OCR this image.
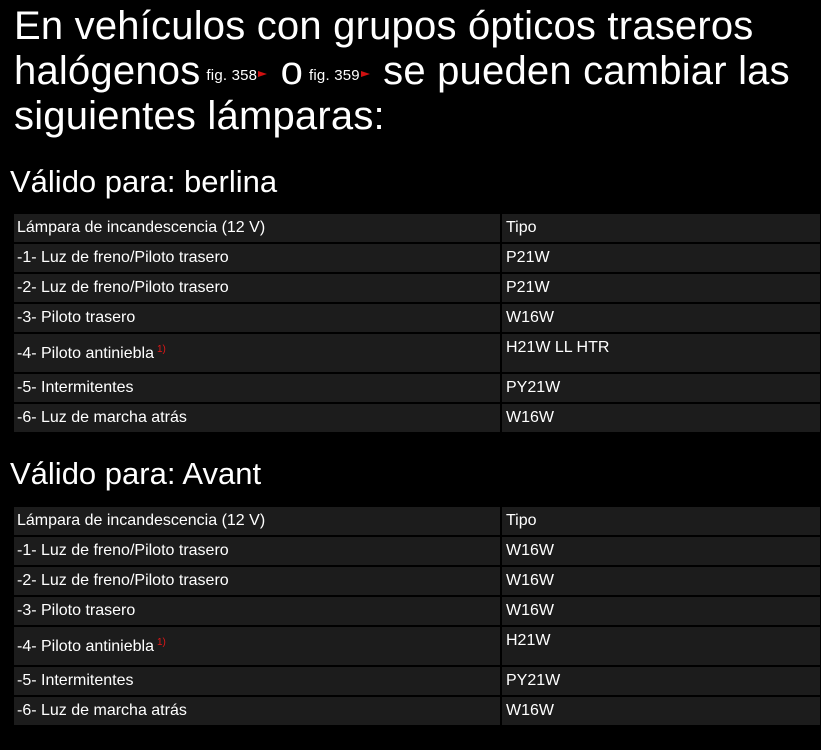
En vehículos con grupos ópticos traseros halógenos fig. 358 o fig. 359 se pueden cambiar las siguientes lámparas:
Válido para: berlina
Lámpara de incandescencia (12 V)	Tipo
-1- Luz de freno/Piloto trasero	P21W
-2- Luz de freno/Piloto trasero	P21W
-3- Piloto trasero	W16W
-4- Piloto antiniebla $^{1)}$	H21W LL HTR
-5- Intermitentes	PY21W
-6- Luz de marcha atrás	W16W
Válido para: Avant
Lámpara de incandescencia (12 V)	Tipo
-1- Luz de freno/Piloto trasero	W16W
-2- Luz de freno/Piloto trasero	W16W
-3- Piloto trasero	W16W
-4- Piloto antiniebla $^{1)}$	H21W
-5- Intermitentes	PY21W
-6- Luz de marcha atrás	W16W
